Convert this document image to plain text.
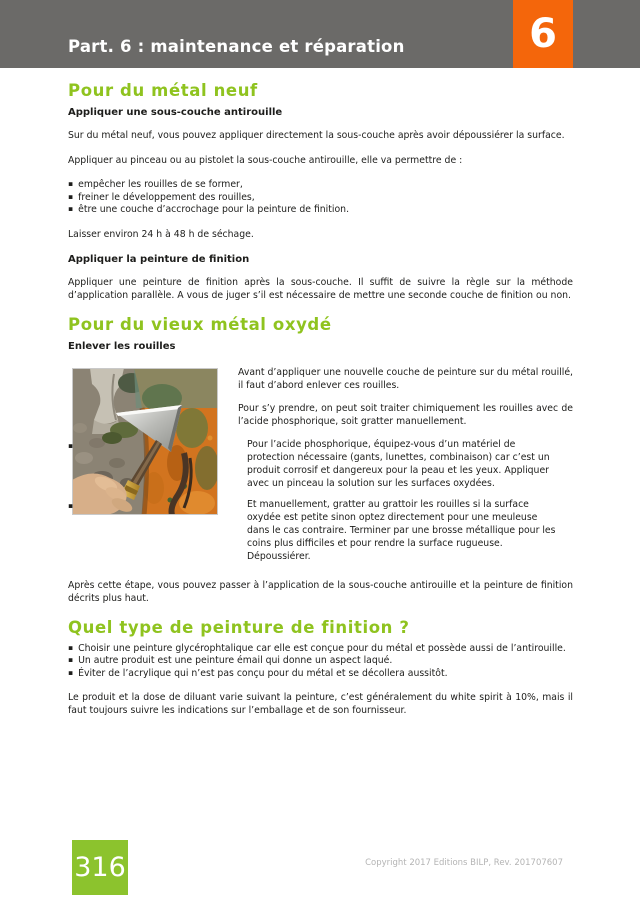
Part. 6 : maintenance et réparation	6
Pour du métal neuf
Appliquer une sous-couche antirouille

Sur du métal neuf, vous pouvez appliquer directement la sous-couche après avoir dépoussiérer la surface.

Appliquer au pinceau ou au pistolet la sous-couche antirouille, elle va permettre de :

▪ empêcher les rouilles de se former,
▪ freiner le développement des rouilles,
▪ être une couche d’accrochage pour la peinture de finition.

Laisser environ 24 h à 48 h de séchage.

Appliquer la peinture de finition

Appliquer une peinture de finition après la sous-couche. Il suffit de suivre la règle sur la méthode d’application parallèle. A vous de juger s’il est nécessaire de mettre une seconde couche de finition ou non.

Pour du vieux métal oxydé
Enlever les rouilles

Avant d’appliquer une nouvelle couche de peinture sur du métal rouillé, il faut d’abord enlever ces rouilles.

Pour s’y prendre, on peut soit traiter chimiquement les rouilles avec de l’acide phosphorique, soit gratter manuellement.

▪ Pour l’acide phosphorique, équipez-vous d’un matériel de protection nécessaire (gants, lunettes, combinaison) car c’est un produit corrosif et dangereux pour la peau et les yeux. Appliquer avec un pinceau la solution sur les surfaces oxydées.

▪ Et manuellement, gratter au grattoir les rouilles si la surface oxydée est petite sinon optez directement pour une meuleuse dans le cas contraire. Terminer par une brosse métallique pour les coins plus difficiles et pour rendre la surface rugueuse. Dépoussiérer.

Après cette étape, vous pouvez passer à l’application de la sous-couche antirouille et la peinture de finition décrits plus haut.

Quel type de peinture de finition ?
▪ Choisir une peinture glycérophtalique car elle est conçue pour du métal et possède aussi de l’antirouille.
▪ Un autre produit est une peinture émail qui donne un aspect laqué.
▪ Éviter de l’acrylique qui n’est pas conçu pour du métal et se décollera aussitôt.

Le produit et la dose de diluant varie suivant la peinture, c’est généralement du white spirit à 10%, mais il faut toujours suivre les indications sur l’emballage et de son fournisseur.

316	Copyright 2017 Editions BILP, Rev. 201707607
